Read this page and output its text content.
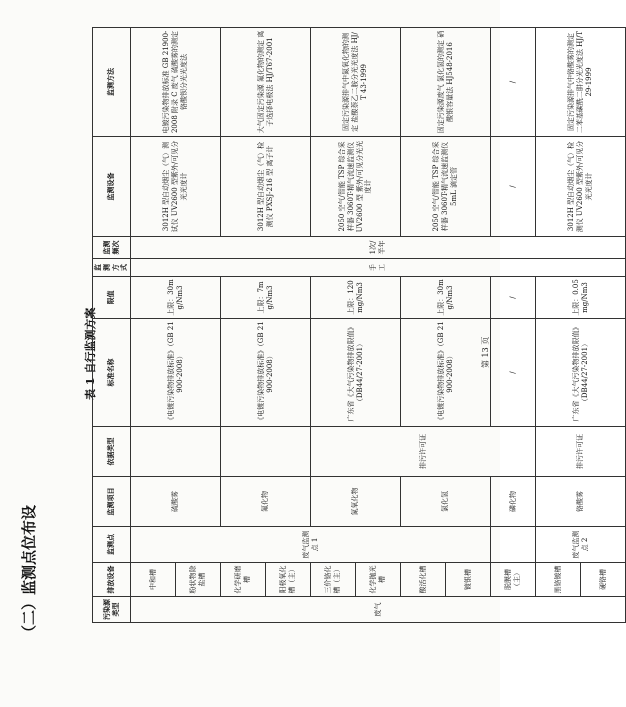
（二）监测点位布设
表 1 自行监测方案	第 13 页
污染源类型	排放设备	监测点	监测项目	依据类型	标准名称	限值	监测方式	监测频次	监测设备	监测方法
废气	中和槽	废气监测点 1	硫酸雾		《电镀污染物排放标准》（GB 21900-2008）	上限：30mg/Nm3	手工	1次/半年	3012H 型自动烟尘（气）测试仪 UV2600 型紫外/可见分光光度计	电镀污染物排放标准 GB 21900-2008 附录 C 废气 硫酸雾的测定 铬酸钡分光光度法
	粉状物除盐槽									
	化学研磨槽		氟化物		《电镀污染物排放标准》（GB 21900-2008）	上限：7mg/Nm3			3012H 型自动烟尘（气）检测仪 PXSJ-216 型 离子计	大气固定污染源 氟化物的测定 离子选择电极法 HJ/T67-2001
	阳极氧化槽（主）									
	三价铬化槽（主）		氮氧化物	排污许可证	广东省《大气污染物排放限值》（DB44/27-2001）	上限：120mg/Nm3			2050 空气/智能 TSP 综合采样器 3060T-精气流速监测仪 UV2600 型 紫外/可见分光光度计	固定污染源排气中氮氧化物的测定 盐酸萘乙二胺分光光度法 HJ/T 43-1999
	化学抛光槽									
	酸活化槽		氯化氢		《电镀污染物排放标准》（GB 21900-2008）	上限：30mg/Nm3			2050 空气/智能 TSP 综合采样器 3060T-精气流速监测仪 5mL 滴定管	固定污染源废气 氯化氢的测定 硝酸银容量法 HJ548-2016
	镀银槽									
	脱膜槽（主）		磷化物		/	/			/	/
	黑铬镀槽	废气监测点 2	铬酸雾	排污许可证	广东省《大气污染物排放限值》（DB44/27-2001）	上限：0.05mg/Nm3			3012H 型自动烟尘（气）检测仪 UV2600 型紫外/可见分光光度计	固定污染源排气中铬酸雾的测定 二苯基碳酰二肼分光光度法 HJ/T 29-1999
	硬铬槽									
